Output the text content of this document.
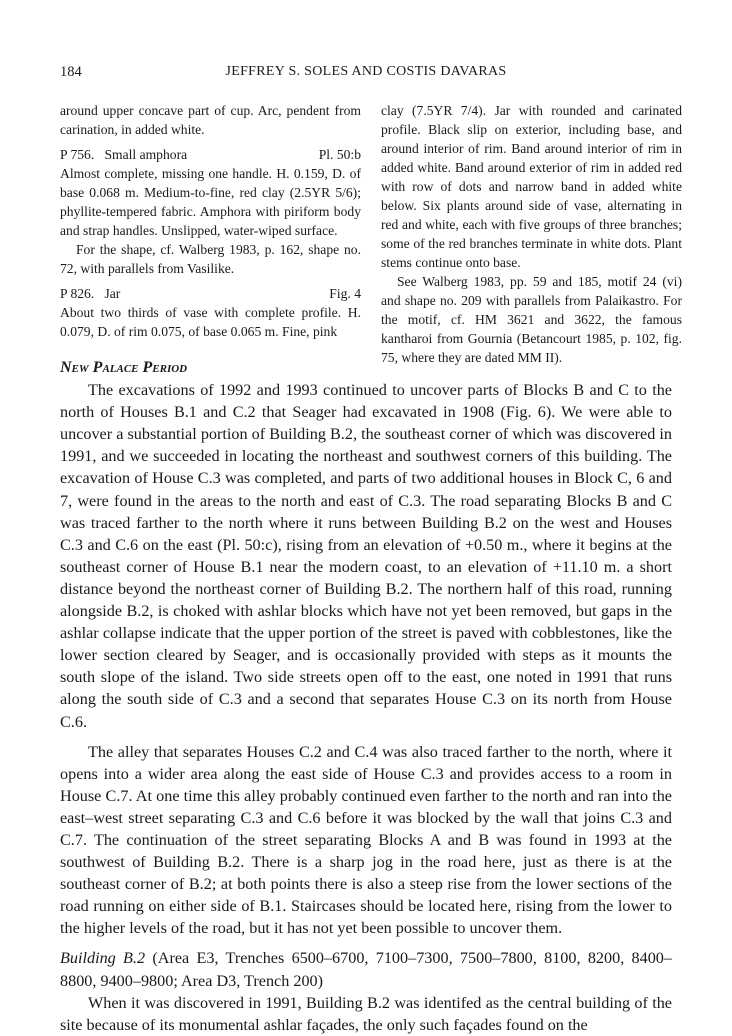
184	JEFFREY S. SOLES AND COSTIS DAVARAS

around upper concave part of cup. Arc, pendent from carination, in added white.

P 756. Small amphora	Pl. 50:b

Almost complete, missing one handle. H. 0.159, D. of base 0.068 m. Medium-to-fine, red clay (2.5YR 5/6); phyllite-tempered fabric. Amphora with piriform body and strap handles. Unslipped, water-wiped surface.

For the shape, cf. Walberg 1983, p. 162, shape no. 72, with parallels from Vasilike.

P 826. Jar	Fig. 4

About two thirds of vase with complete profile. H. 0.079, D. of rim 0.075, of base 0.065 m. Fine, pink

clay (7.5YR 7/4). Jar with rounded and carinated profile. Black slip on exterior, including base, and around interior of rim. Band around interior of rim in added white. Band around exterior of rim in added red with row of dots and narrow band in added white below. Six plants around side of vase, alternating in red and white, each with five groups of three branches; some of the red branches terminate in white dots. Plant stems continue onto base.

See Walberg 1983, pp. 59 and 185, motif 24 (vi) and shape no. 209 with parallels from Palaikastro. For the motif, cf. HM 3621 and 3622, the famous kantharoi from Gournia (Betancourt 1985, p. 102, fig. 75, where they are dated MM II).

New Palace Period

The excavations of 1992 and 1993 continued to uncover parts of Blocks B and C to the north of Houses B.1 and C.2 that Seager had excavated in 1908 (Fig. 6). We were able to uncover a substantial portion of Building B.2, the southeast corner of which was discovered in 1991, and we succeeded in locating the northeast and southwest corners of this building. The excavation of House C.3 was completed, and parts of two additional houses in Block C, 6 and 7, were found in the areas to the north and east of C.3. The road separating Blocks B and C was traced farther to the north where it runs between Building B.2 on the west and Houses C.3 and C.6 on the east (Pl. 50:c), rising from an elevation of +0.50 m., where it begins at the southeast corner of House B.1 near the modern coast, to an elevation of +11.10 m. a short distance beyond the northeast corner of Building B.2. The northern half of this road, running alongside B.2, is choked with ashlar blocks which have not yet been removed, but gaps in the ashlar collapse indicate that the upper portion of the street is paved with cobblestones, like the lower section cleared by Seager, and is occasionally provided with steps as it mounts the south slope of the island. Two side streets open off to the east, one noted in 1991 that runs along the south side of C.3 and a second that separates House C.3 on its north from House C.6.

The alley that separates Houses C.2 and C.4 was also traced farther to the north, where it opens into a wider area along the east side of House C.3 and provides access to a room in House C.7. At one time this alley probably continued even farther to the north and ran into the east–west street separating C.3 and C.6 before it was blocked by the wall that joins C.3 and C.7. The continuation of the street separating Blocks A and B was found in 1993 at the southwest of Building B.2. There is a sharp jog in the road here, just as there is at the southeast corner of B.2; at both points there is also a steep rise from the lower sections of the road running on either side of B.1. Staircases should be located here, rising from the lower to the higher levels of the road, but it has not yet been possible to uncover them.

Building B.2 (Area E3, Trenches 6500–6700, 7100–7300, 7500–7800, 8100, 8200, 8400–8800, 9400–9800; Area D3, Trench 200)

When it was discovered in 1991, Building B.2 was identifed as the central building of the site because of its monumental ashlar façades, the only such façades found on the
